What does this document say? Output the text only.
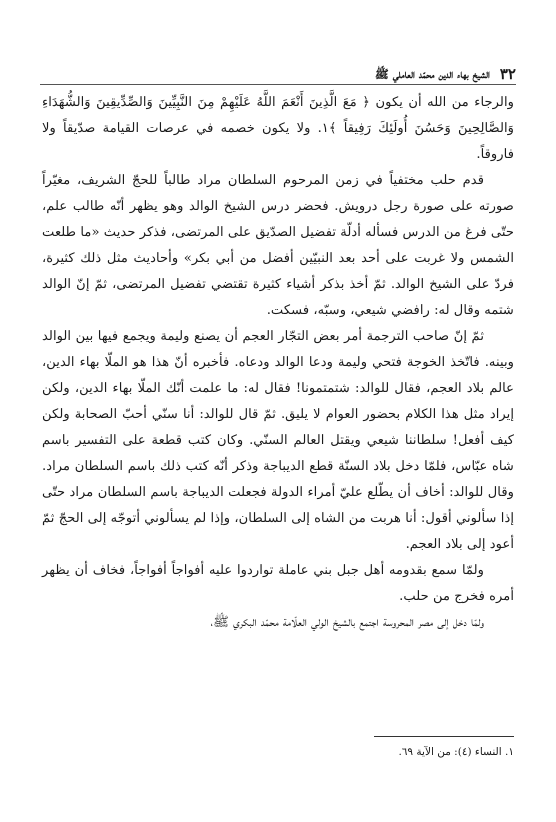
٣٢
الشيخ بهاء الدين محمّد العاملي ﷺ

والرجاء من الله أن يكون ﴿ مَعَ الَّذِينَ أَنْعَمَ اللَّهُ عَلَيْهِمْ مِنَ النَّبِيِّينَ وَالصِّدِّيقِينَ وَالشُّهَدَاءِ وَالصَّالِحِينَ وَحَسُنَ أُولَئِكَ رَفِيقاً ﴾١. ولا يكون خصمه في عرصات القيامة صدّيقاً ولا فاروقاً.

قدم حلب مختفياً في زمن المرحوم السلطان مراد طالباً للحجّ الشريف، مغيّراً صورته على صورة رجل درويش. فحضر درس الشيخ الوالد وهو يظهر أنّه طالب علم، حتّى فرغ من الدرس فسأله أدلّة تفضيل الصدّيق على المرتضى، فذكر حديث «ما طلعت الشمس ولا غربت على أحد بعد النبيّين أفضل من أبي بكر» وأحاديث مثل ذلك كثيرة، فردّ على الشيخ الوالد. ثمّ أخذ بذكر أشياء كثيرة تقتضي تفضيل المرتضى، ثمّ إنّ الوالد شتمه وقال له: رافضي شيعي، وسبّه، فسكت.

ثمّ إنّ صاحب الترجمة أمر بعض التجّار العجم أن يصنع وليمة ويجمع فيها بين الوالد وبينه. فاتّخذ الخوجة فتحي وليمة ودعا الوالد ودعاه. فأخبره أنّ هذا هو الملّا بهاء الدين، عالم بلاد العجم، فقال للوالد: شتمتمونا! فقال له: ما علمت أنّك الملّا بهاء الدين، ولكن إيراد مثل هذا الكلام بحضور العوام لا يليق. ثمّ قال للوالد: أنا سنّي أحبّ الصحابة ولكن كيف أفعل! سلطاننا شيعي ويقتل العالم السنّي. وكان كتب قطعة على التفسير باسم شاه عبّاس، فلمّا دخل بلاد السنّة قطع الديباجة وذكر أنّه كتب ذلك باسم السلطان مراد. وقال للوالد: أخاف أن يطّلع عليّ أمراء الدولة فجعلت الديباجة باسم السلطان مراد حتّى إذا سألوني أقول: أنا هربت من الشاه إلى السلطان، وإذا لم يسألوني أتوجّه إلى الحجّ ثمّ أعود إلى بلاد العجم.

ولمّا سمع بقدومه أهل جبل بني عاملة تواردوا عليه أفواجاً أفواجاً، فخاف أن يظهر أمره فخرج من حلب.

ولمّا دخل إلى مصر المحروسة اجتمع بالشيخ الولي العلّامة محمّد البكري ﷺ،

١. النساء (٤): من الآية ٦٩.
